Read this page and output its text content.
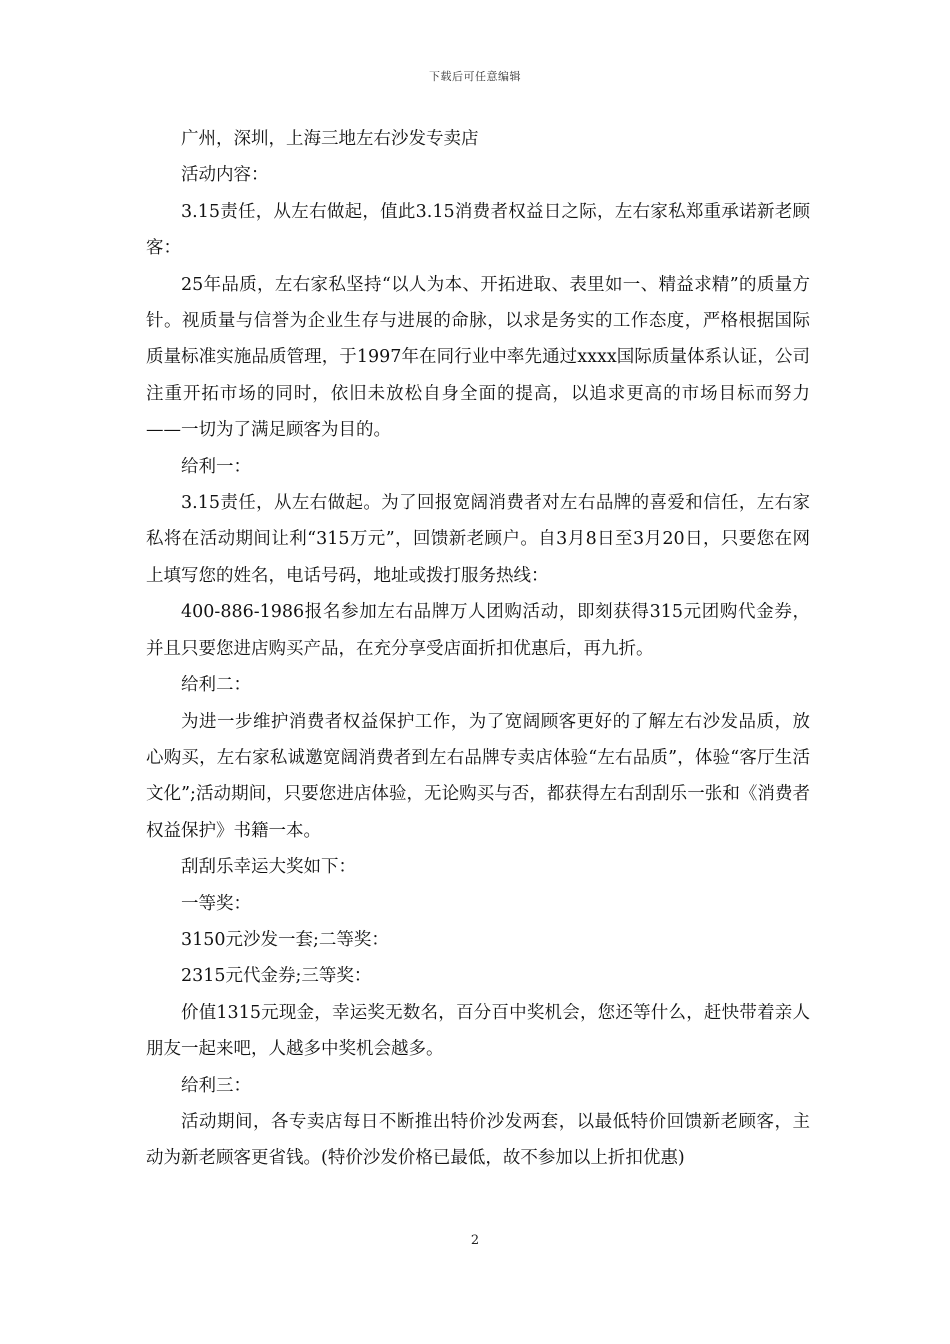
下载后可任意编辑

广州，深圳，上海三地左右沙发专卖店

活动内容：

3.15责任，从左右做起，值此3.15消费者权益日之际，左右家私郑重承诺新老顾客：

25年品质，左右家私坚持“以人为本、开拓进取、表里如一、精益求精”的质量方针。视质量与信誉为企业生存与进展的命脉，以求是务实的工作态度，严格根据国际质量标准实施品质管理，于1997年在同行业中率先通过xxxx国际质量体系认证，公司注重开拓市场的同时，依旧未放松自身全面的提高，以追求更高的市场目标而努力——一切为了满足顾客为目的。

给利一：

3.15责任，从左右做起。为了回报宽阔消费者对左右品牌的喜爱和信任，左右家私将在活动期间让利“315万元”，回馈新老顾户。自3月8日至3月20日，只要您在网上填写您的姓名，电话号码，地址或拨打服务热线：

400-886-1986报名参加左右品牌万人团购活动，即刻获得315元团购代金券，并且只要您进店购买产品，在充分享受店面折扣优惠后，再九折。

给利二：

为进一步维护消费者权益保护工作，为了宽阔顾客更好的了解左右沙发品质，放心购买，左右家私诚邀宽阔消费者到左右品牌专卖店体验“左右品质”，体验“客厅生活文化”;活动期间，只要您进店体验，无论购买与否，都获得左右刮刮乐一张和《消费者权益保护》书籍一本。

刮刮乐幸运大奖如下：

一等奖：

3150元沙发一套;二等奖：

2315元代金券;三等奖：

价值1315元现金，幸运奖无数名，百分百中奖机会，您还等什么，赶快带着亲人朋友一起来吧，人越多中奖机会越多。

给利三：

活动期间，各专卖店每日不断推出特价沙发两套，以最低特价回馈新老顾客，主动为新老顾客更省钱。(特价沙发价格已最低，故不参加以上折扣优惠)

2
